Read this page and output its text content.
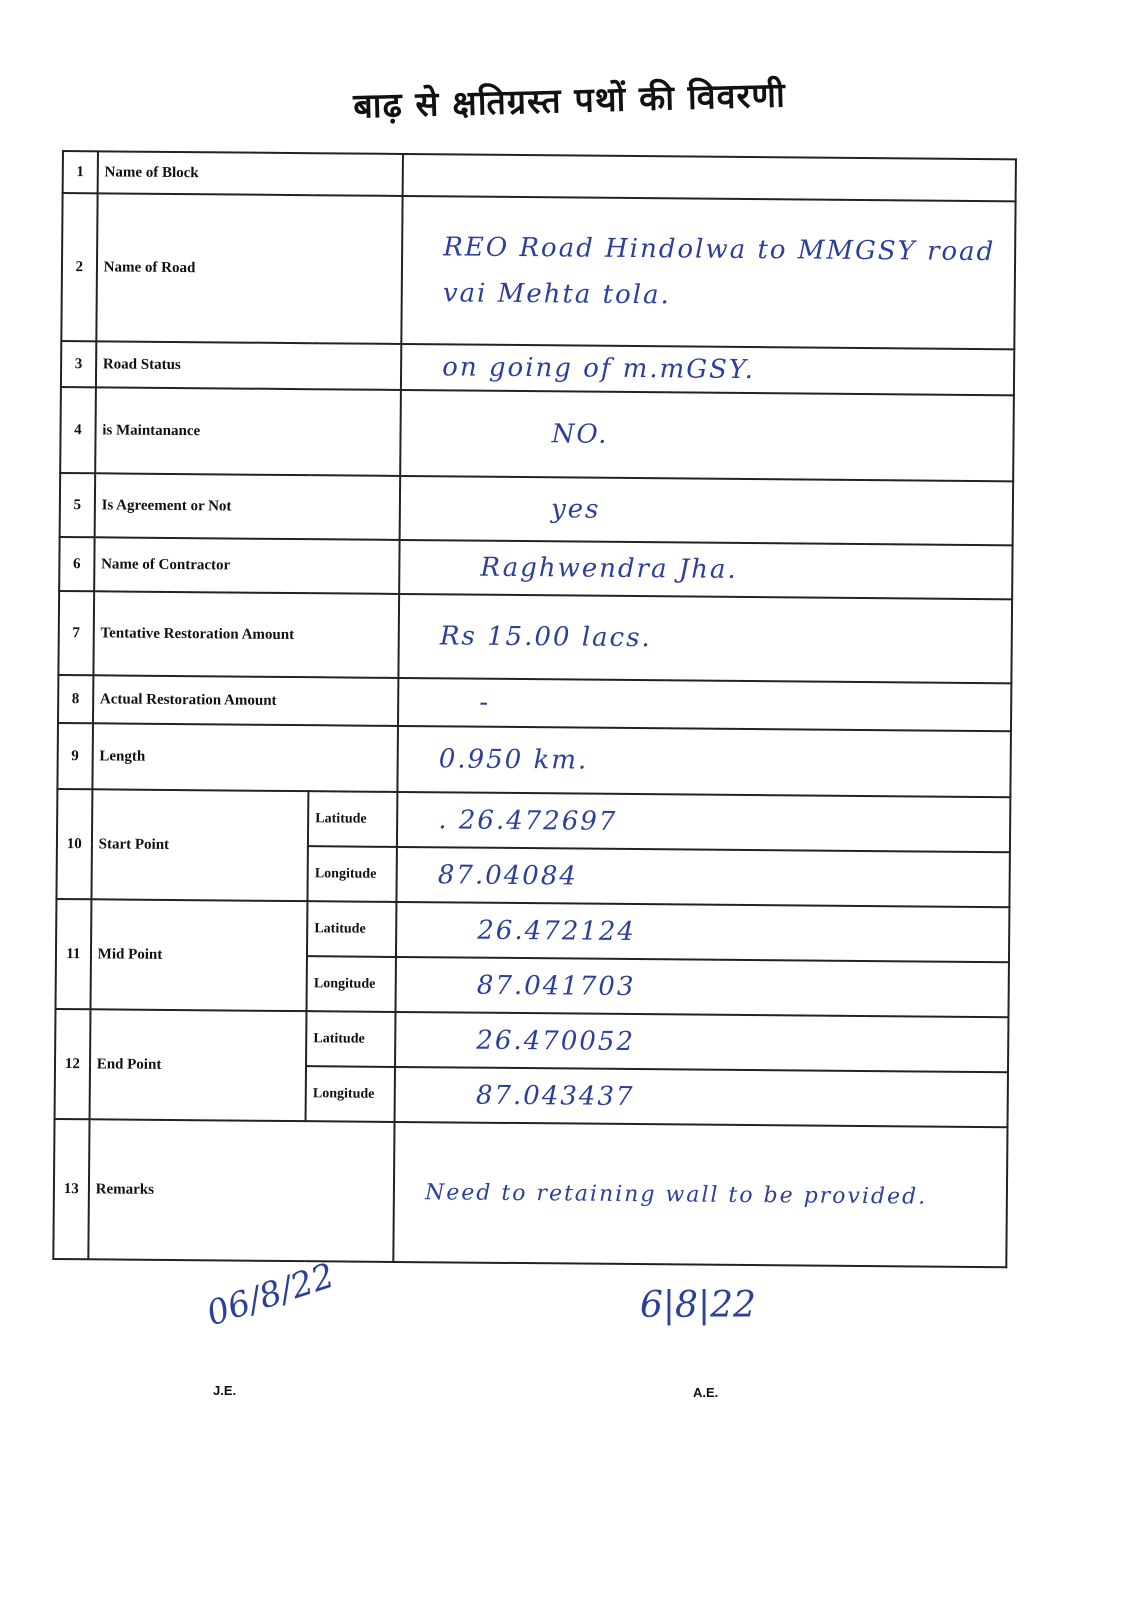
बाढ़ से क्षतिग्रस्त पथों की विवरणी
1	Name of Block		
2	Name of Road		REO Road Hindolwa to MMGSY road vai Mehta tola.
3	Road Status		on going of m.mGSY.
4	is Maintanance		NO.
5	Is Agreement or Not		yes
6	Name of Contractor		Raghwendra Jha.
7	Tentative Restoration Amount		Rs 15.00 lacs.
8	Actual Restoration Amount		-
9	Length		0.950 km.
10	Start Point	Latitude	. 26.472697
		Longitude	87.04084
11	Mid Point	Latitude	26.472124
		Longitude	87.041703
12	End Point	Latitude	26.470052
		Longitude	87.043437
13	Remarks		Need to retaining wall to be provided.
06/8/22
J.E.
6|8|22
A.E.
